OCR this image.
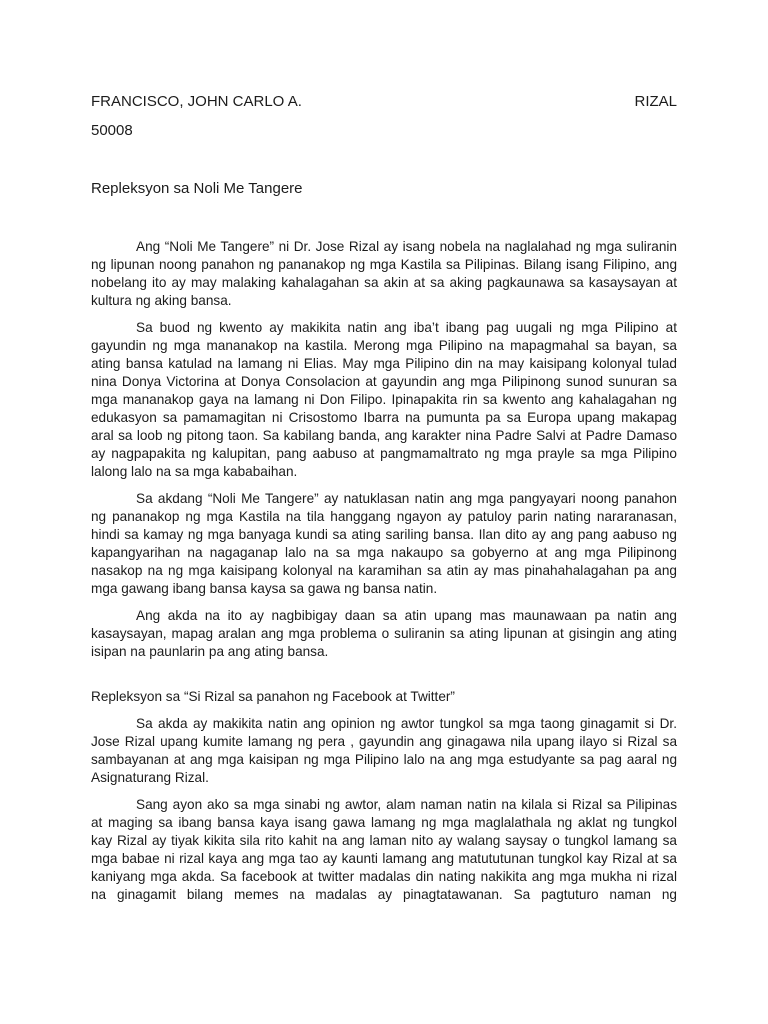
FRANCISCO, JOHN CARLO A.	RIZAL
50008
Repleksyon sa Noli Me Tangere
Ang “Noli Me Tangere” ni Dr. Jose Rizal ay isang nobela na naglalahad ng mga suliranin
ng lipunan noong panahon ng pananakop ng mga Kastila sa Pilipinas. Bilang isang Filipino, ang
nobelang ito ay may malaking kahalagahan sa akin at sa aking pagkaunawa sa kasaysayan at
kultura ng aking bansa.
Sa buod ng kwento ay makikita natin ang iba’t ibang pag uugali ng mga Pilipino at
gayundin ng mga mananakop na kastila. Merong mga Pilipino na mapagmahal sa bayan, sa
ating bansa katulad na lamang ni Elias. May mga Pilipino din na may kaisipang kolonyal tulad
nina Donya Victorina at Donya Consolacion at gayundin ang mga Pilipinong sunod sunuran sa
mga mananakop gaya na lamang ni Don Filipo. Ipinapakita rin sa kwento ang kahalagahan ng
edukasyon sa pamamagitan ni Crisostomo Ibarra na pumunta pa sa Europa upang makapag
aral sa loob ng pitong taon. Sa kabilang banda, ang karakter nina Padre Salvi at Padre Damaso
ay nagpapakita ng kalupitan, pang aabuso at pangmamaltrato ng mga prayle sa mga Pilipino
lalong lalo na sa mga kababaihan.
Sa akdang “Noli Me Tangere” ay natuklasan natin ang mga pangyayari noong panahon
ng pananakop ng mga Kastila na tila hanggang ngayon ay patuloy parin nating nararanasan,
hindi sa kamay ng mga banyaga kundi sa ating sariling bansa. Ilan dito ay ang pang aabuso ng
kapangyarihan na nagaganap lalo na sa mga nakaupo sa gobyerno at ang mga Pilipinong
nasakop na ng mga kaisipang kolonyal na karamihan sa atin ay mas pinahahalagahan pa ang
mga gawang ibang bansa kaysa sa gawa ng bansa natin.
Ang akda na ito ay nagbibigay daan sa atin upang mas maunawaan pa natin ang
kasaysayan, mapag aralan ang mga problema o suliranin sa ating lipunan at gisingin ang ating
isipan na paunlarin pa ang ating bansa.
Repleksyon sa “Si Rizal sa panahon ng Facebook at Twitter”
Sa akda ay makikita natin ang opinion ng awtor tungkol sa mga taong ginagamit si Dr.
Jose Rizal upang kumite lamang ng pera , gayundin ang ginagawa nila upang ilayo si Rizal sa
sambayanan at ang mga kaisipan ng mga Pilipino lalo na ang mga estudyante sa pag aaral ng
Asignaturang Rizal.
Sang ayon ako sa mga sinabi ng awtor, alam naman natin na kilala si Rizal sa Pilipinas
at maging sa ibang bansa kaya isang gawa lamang ng mga maglalathala ng aklat ng tungkol
kay Rizal ay tiyak kikita sila rito kahit na ang laman nito ay walang saysay o tungkol lamang sa
mga babae ni rizal kaya ang mga tao ay kaunti lamang ang matututunan tungkol kay Rizal at sa
kaniyang mga akda. Sa facebook at twitter madalas din nating nakikita ang mga mukha ni rizal
na ginagamit bilang memes na madalas ay pinagtatawanan. Sa pagtuturo naman ng
